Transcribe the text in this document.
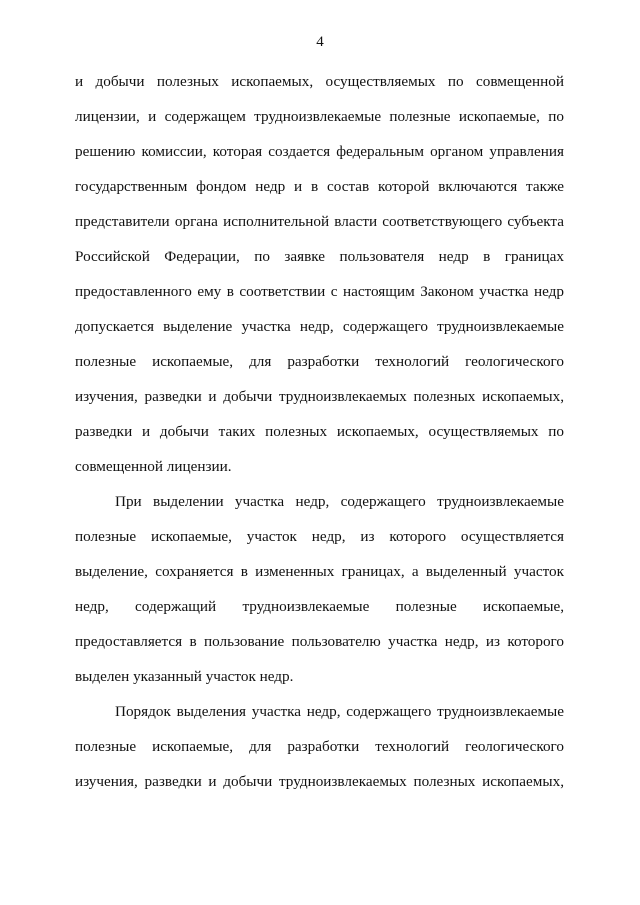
4
и добычи полезных ископаемых, осуществляемых по совмещенной
лицензии, и содержащем трудноизвлекаемые полезные ископаемые, по
решению комиссии, которая создается федеральным органом управления
государственным фондом недр и в состав которой включаются также
представители органа исполнительной власти соответствующего субъекта
Российской Федерации, по заявке пользователя недр в границах
предоставленного ему в соответствии с настоящим Законом участка недр
допускается выделение участка недр, содержащего трудноизвлекаемые
полезные ископаемые, для разработки технологий геологического
изучения, разведки и добычи трудноизвлекаемых полезных ископаемых,
разведки и добычи таких полезных ископаемых, осуществляемых по
совмещенной лицензии.
При выделении участка недр, содержащего трудноизвлекаемые
полезные ископаемые, участок недр, из которого осуществляется
выделение, сохраняется в измененных границах, а выделенный участок
недр, содержащий трудноизвлекаемые полезные ископаемые,
предоставляется в пользование пользователю участка недр, из которого
выделен указанный участок недр.
Порядок выделения участка недр, содержащего трудноизвлекаемые
полезные ископаемые, для разработки технологий геологического
изучения, разведки и добычи трудноизвлекаемых полезных ископаемых,
